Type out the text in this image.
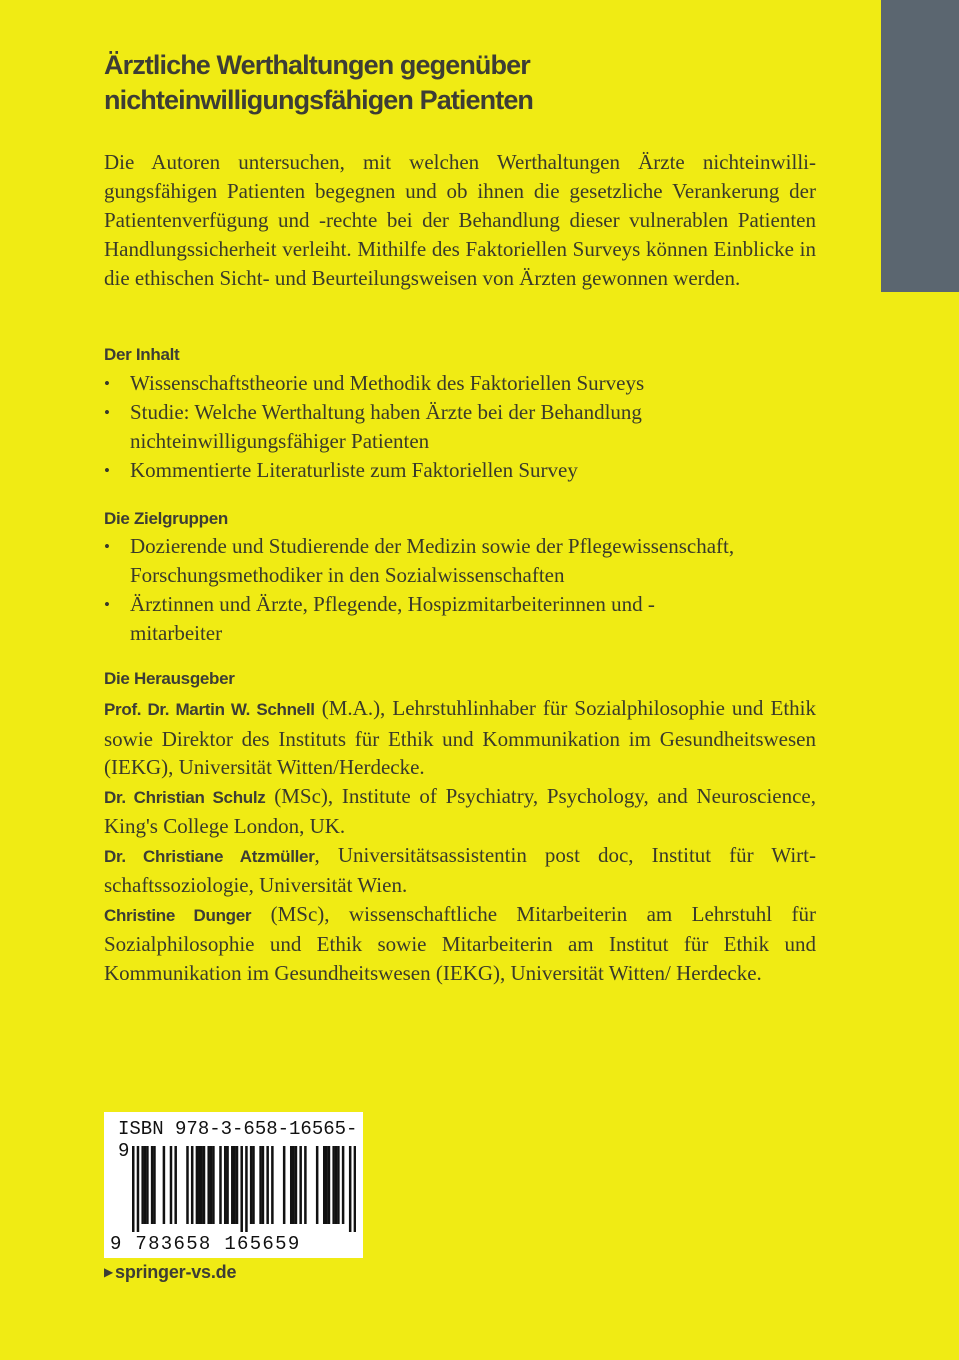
Ärztliche Werthaltungen gegenüber
nichteinwilligungsfähigen Patienten
Die Autoren untersuchen, mit welchen Werthaltungen Ärzte nichteinwilligungsfähigen Patienten begegnen und ob ihnen die gesetzliche Verankerung der Patientenverfügung und -rechte bei der Behandlung dieser vulnerablen Patienten Handlungssicherheit verleiht. Mithilfe des Faktoriellen Surveys können Einblicke in die ethischen Sicht- und Beurteilungsweisen von Ärzten gewonnen werden.
Der Inhalt
• Wissenschaftstheorie und Methodik des Faktoriellen Surveys
• Studie: Welche Werthaltung haben Ärzte bei der Behandlung nichteinwilligungsfähiger Patienten
• Kommentierte Literaturliste zum Faktoriellen Survey
Die Zielgruppen
• Dozierende und Studierende der Medizin sowie der Pflegewissenschaft, Forschungsmethodiker in den Sozialwissenschaften
• Ärztinnen und Ärzte, Pflegende, Hospizmitarbeiterinnen und -mitarbeiter
Die Herausgeber

Prof. Dr. Martin W. Schnell (M.A.), Lehrstuhlinhaber für Sozialphilosophie und Ethik sowie Direktor des Instituts für Ethik und Kommunikation im Gesundheitswesen (IEKG), Universität Witten/Herdecke.

Dr. Christian Schulz (MSc), Institute of Psychiatry, Psychology, and Neuroscience, King's College London, UK.

Dr. Christiane Atzmüller, Universitätsassistentin post doc, Institut für Wirtschaftssoziologie, Universität Wien.

Christine Dunger (MSc), wissenschaftliche Mitarbeiterin am Lehrstuhl für Sozialphilosophie und Ethik sowie Mitarbeiterin am Institut für Ethik und Kommunikation im Gesundheitswesen (IEKG), Universität Witten/ Herdecke.

ISBN 978-3-658-16565-9
9 783658 165659
▶ springer-vs.de
